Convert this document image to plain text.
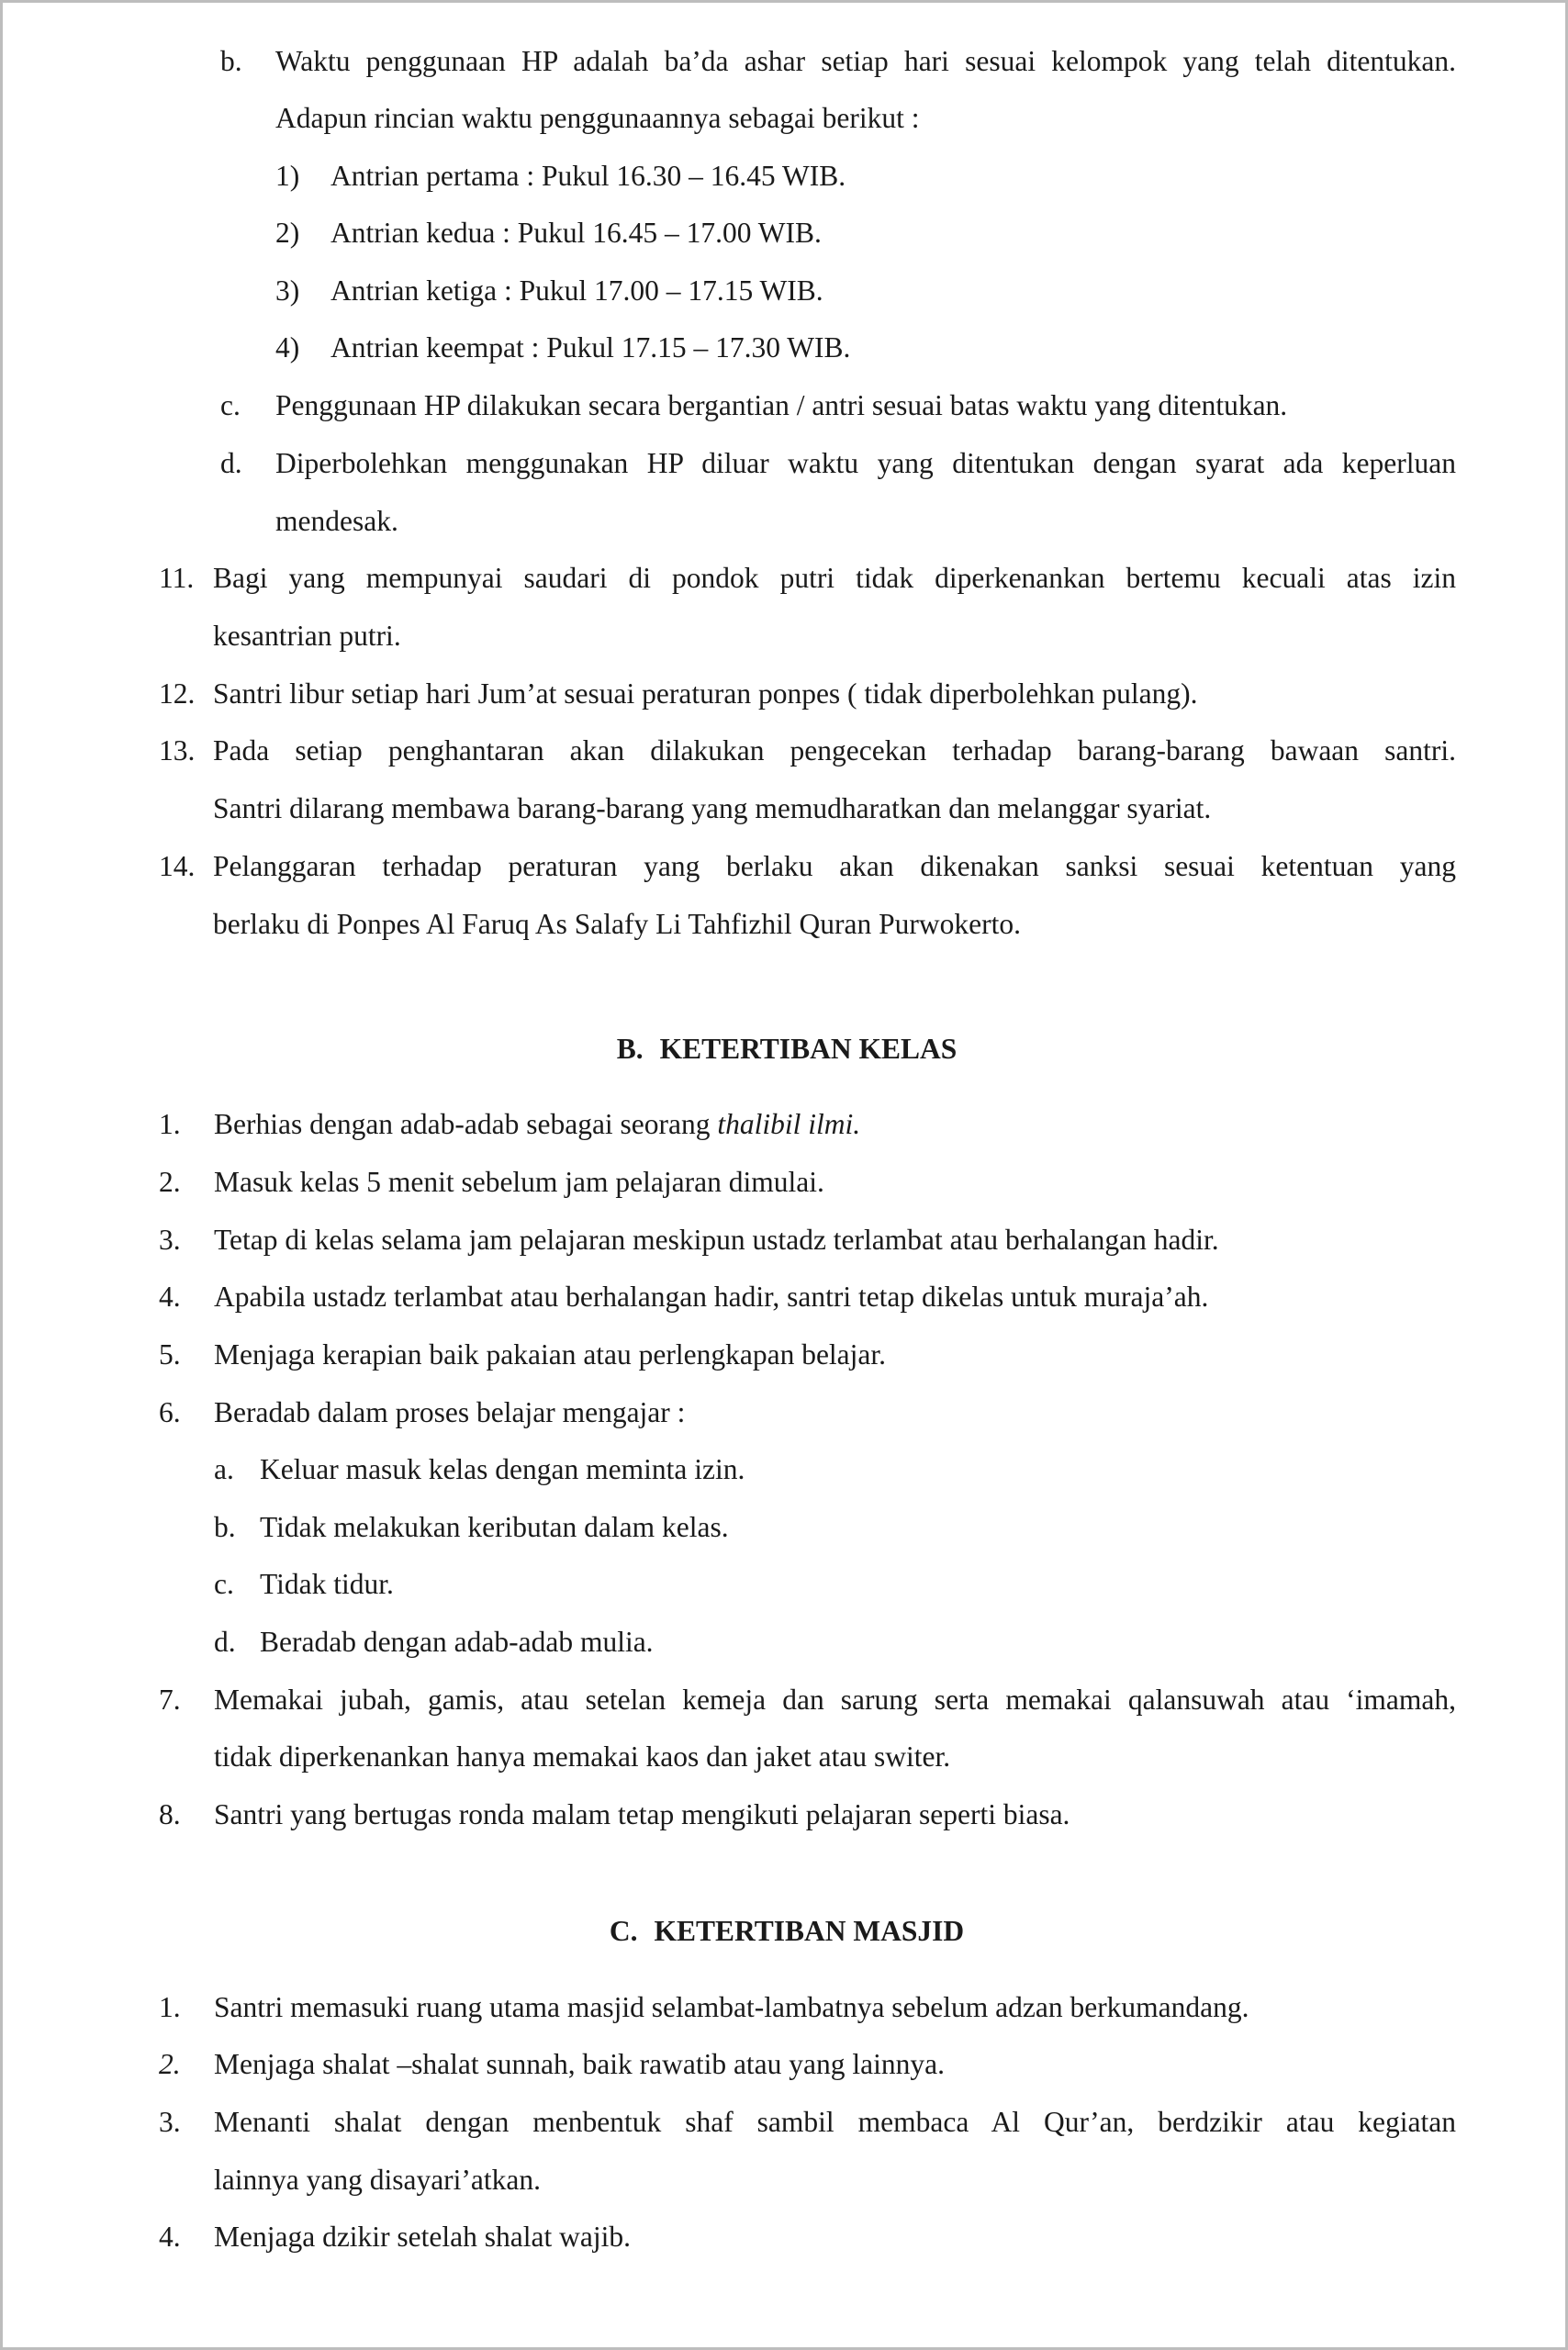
b. Waktu penggunaan HP adalah ba’da ashar setiap hari sesuai kelompok yang telah ditentukan.
Adapun rincian waktu penggunaannya sebagai berikut :
1) Antrian pertama : Pukul 16.30 – 16.45 WIB.
2) Antrian kedua : Pukul 16.45 – 17.00 WIB.
3) Antrian ketiga : Pukul 17.00 – 17.15 WIB.
4) Antrian keempat : Pukul 17.15 – 17.30 WIB.
c. Penggunaan HP dilakukan secara bergantian / antri sesuai batas waktu yang ditentukan.
d. Diperbolehkan menggunakan HP diluar waktu yang ditentukan dengan syarat ada keperluan
mendesak.
11. Bagi yang mempunyai saudari di pondok putri tidak diperkenankan bertemu kecuali atas izin
kesantrian putri.
12. Santri libur setiap hari Jum’at sesuai peraturan ponpes ( tidak diperbolehkan pulang).
13. Pada setiap penghantaran akan dilakukan pengecekan terhadap barang-barang bawaan santri.
Santri dilarang membawa barang-barang yang memudharatkan dan melanggar syariat.
14. Pelanggaran terhadap peraturan yang berlaku akan dikenakan sanksi sesuai ketentuan yang
berlaku di Ponpes Al Faruq As Salafy Li Tahfizhil Quran Purwokerto.
B. KETERTIBAN KELAS
1. Berhias dengan adab-adab sebagai seorang thalibil ilmi.
2. Masuk kelas 5 menit sebelum jam pelajaran dimulai.
3. Tetap di kelas selama jam pelajaran meskipun ustadz terlambat atau berhalangan hadir.
4. Apabila ustadz terlambat atau berhalangan hadir, santri tetap dikelas untuk muraja’ah.
5. Menjaga kerapian baik pakaian atau perlengkapan belajar.
6. Beradab dalam proses belajar mengajar :
a. Keluar masuk kelas dengan meminta izin.
b. Tidak melakukan keributan dalam kelas.
c. Tidak tidur.
d. Beradab dengan adab-adab mulia.
7. Memakai jubah, gamis, atau setelan kemeja dan sarung serta memakai qalansuwah atau ‘imamah,
tidak diperkenankan hanya memakai kaos dan jaket atau switer.
8. Santri yang bertugas ronda malam tetap mengikuti pelajaran seperti biasa.
C. KETERTIBAN MASJID
1. Santri memasuki ruang utama masjid selambat-lambatnya sebelum adzan berkumandang.
2. Menjaga shalat –shalat sunnah, baik rawatib atau yang lainnya.
3. Menanti shalat dengan menbentuk shaf sambil membaca Al Qur’an, berdzikir atau kegiatan
lainnya yang disayari’atkan.
4. Menjaga dzikir setelah shalat wajib.
